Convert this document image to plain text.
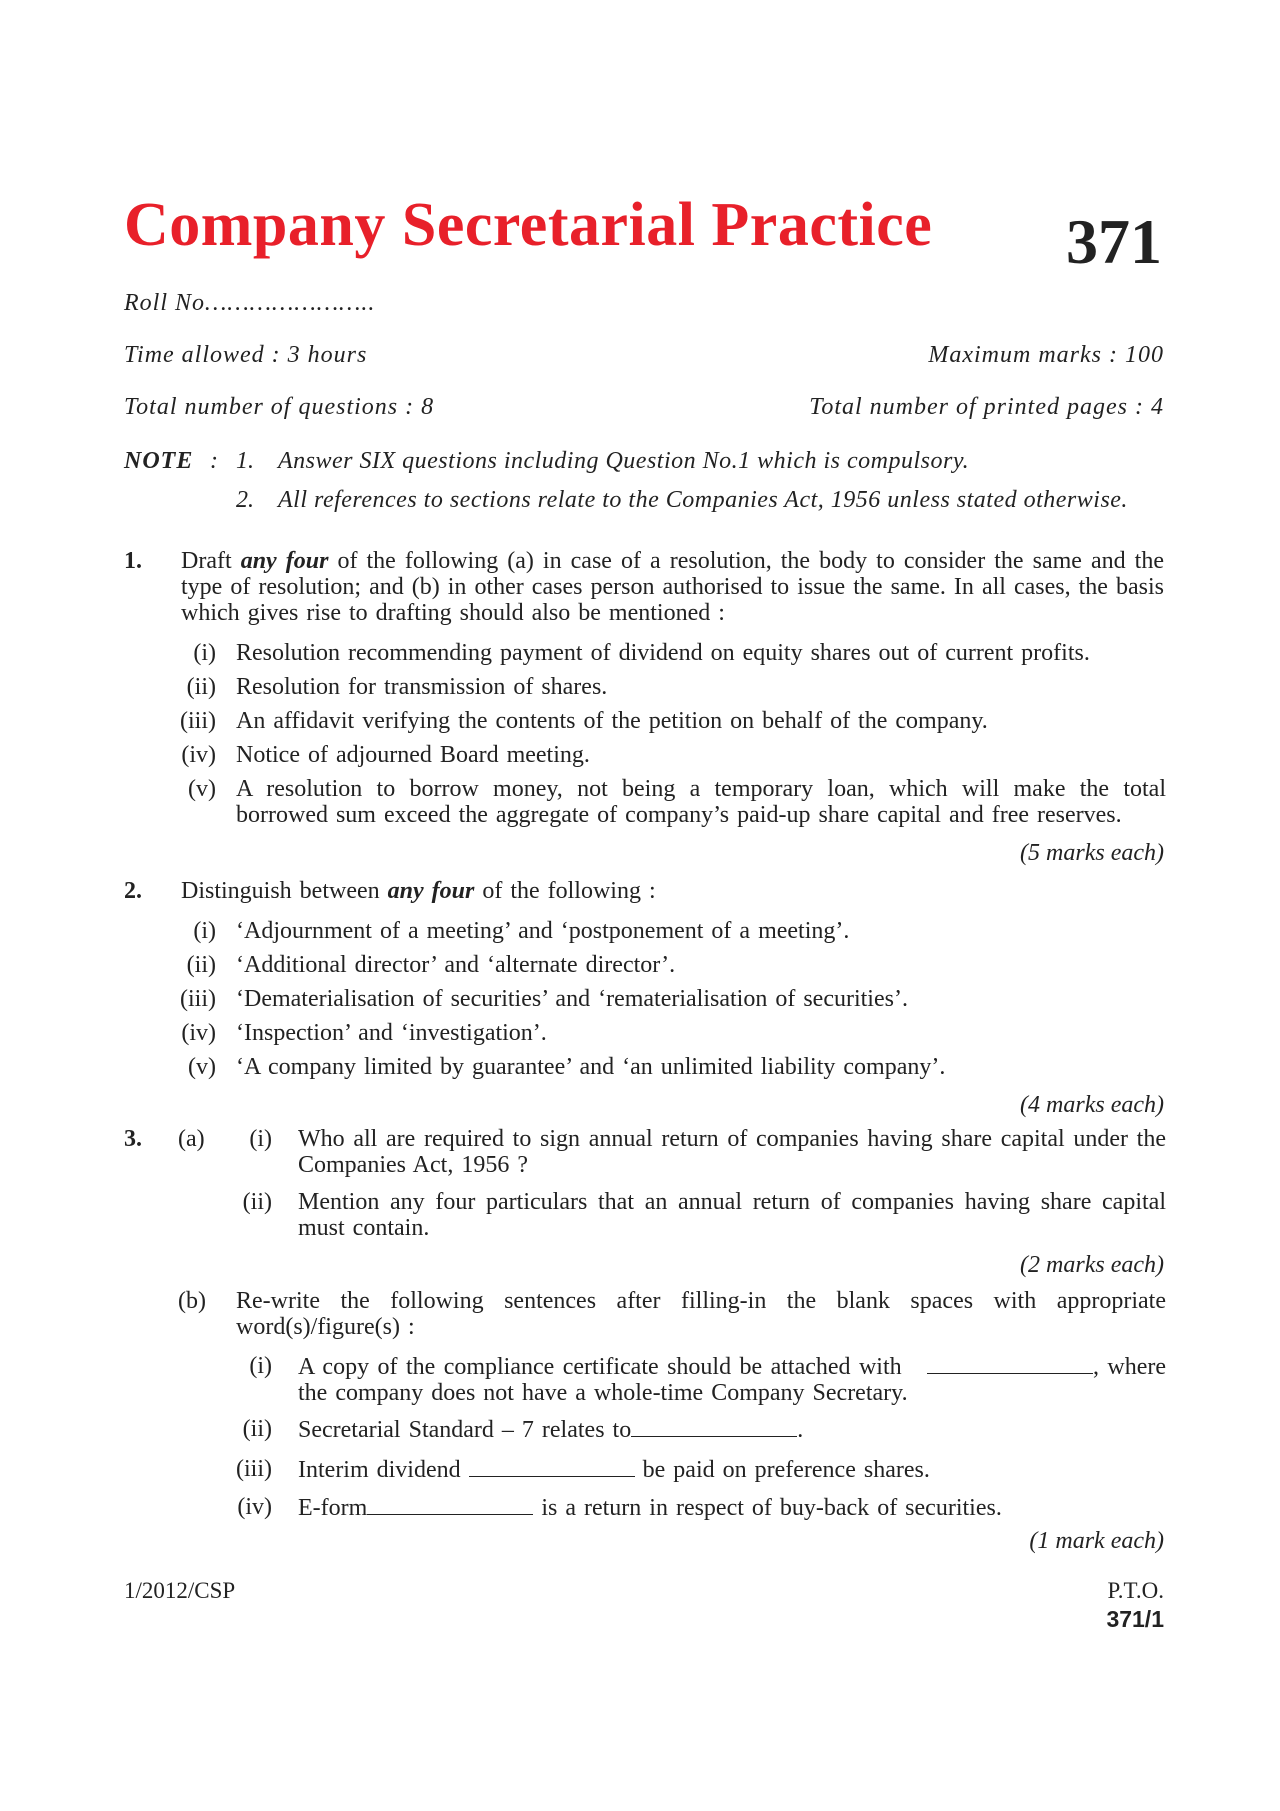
Company Secretarial Practice 371
Roll No…………………..
Time allowed : 3 hours	Maximum marks : 100
Total number of questions : 8	Total number of printed pages : 4
NOTE : 1. Answer SIX questions including Question No.1 which is compulsory.
2. All references to sections relate to the Companies Act, 1956 unless stated otherwise.
1. Draft any four of the following (a) in case of a resolution, the body to consider the same and the type of resolution; and (b) in other cases person authorised to issue the same. In all cases, the basis which gives rise to drafting should also be mentioned :
(i) Resolution recommending payment of dividend on equity shares out of current profits.
(ii) Resolution for transmission of shares.
(iii) An affidavit verifying the contents of the petition on behalf of the company.
(iv) Notice of adjourned Board meeting.
(v) A resolution to borrow money, not being a temporary loan, which will make the total borrowed sum exceed the aggregate of company’s paid-up share capital and free reserves.
(5 marks each)
2. Distinguish between any four of the following :
(i) ‘Adjournment of a meeting’ and ‘postponement of a meeting’.
(ii) ‘Additional director’ and ‘alternate director’.
(iii) ‘Dematerialisation of securities’ and ‘rematerialisation of securities’.
(iv) ‘Inspection’ and ‘investigation’.
(v) ‘A company limited by guarantee’ and ‘an unlimited liability company’.
(4 marks each)
3. (a)	(i) Who all are required to sign annual return of companies having share capital under the Companies Act, 1956 ?
(ii) Mention any four particulars that an annual return of companies having share capital must contain.
(2 marks each)
(b) Re-write the following sentences after filling-in the blank spaces with appropriate word(s)/figure(s) :
(i) A copy of the compliance certificate should be attached with	, where the company does not have a whole-time Company Secretary.
(ii) Secretarial Standard – 7 relates to	.
(iii) Interim dividend	be paid on preference shares.
(iv) E-form	is a return in respect of buy-back of securities.
(1 mark each)
1/2012/CSP	P.T.O.
371/1
